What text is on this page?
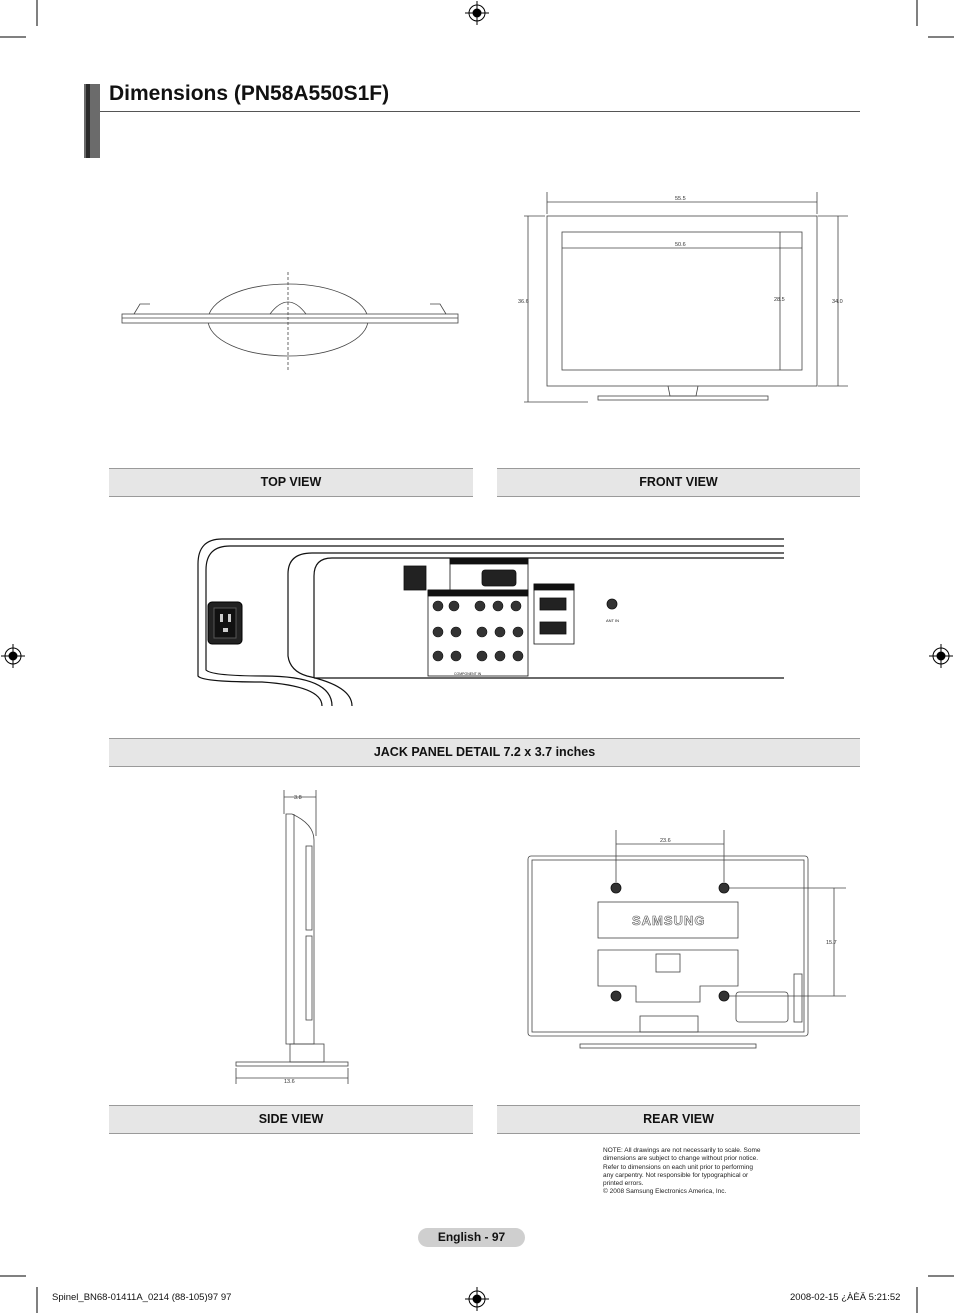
Dimensions (PN58A550S1F)
55.5
50.6
36.6	28.5	34.0
TOP VIEW	FRONT VIEW
ANT IN
COMPONENT IN
JACK PANEL DETAIL 7.2 x 3.7 inches
3.8
13.6
SAMSUNG
23.6
15.7
SIDE VIEW	REAR VIEW
NOTE: All drawings are not necessarily to scale. Some
dimensions are subject to change without prior notice.
Refer to dimensions on each unit prior to performing
any carpentry. Not responsible for typographical or
printed errors.
© 2008 Samsung Electronics America, Inc.
English - 97
Spinel_BN68-01411A_0214 (88-105)97 97	2008-02-15 ¿ÀÈÄ 5:21:52
